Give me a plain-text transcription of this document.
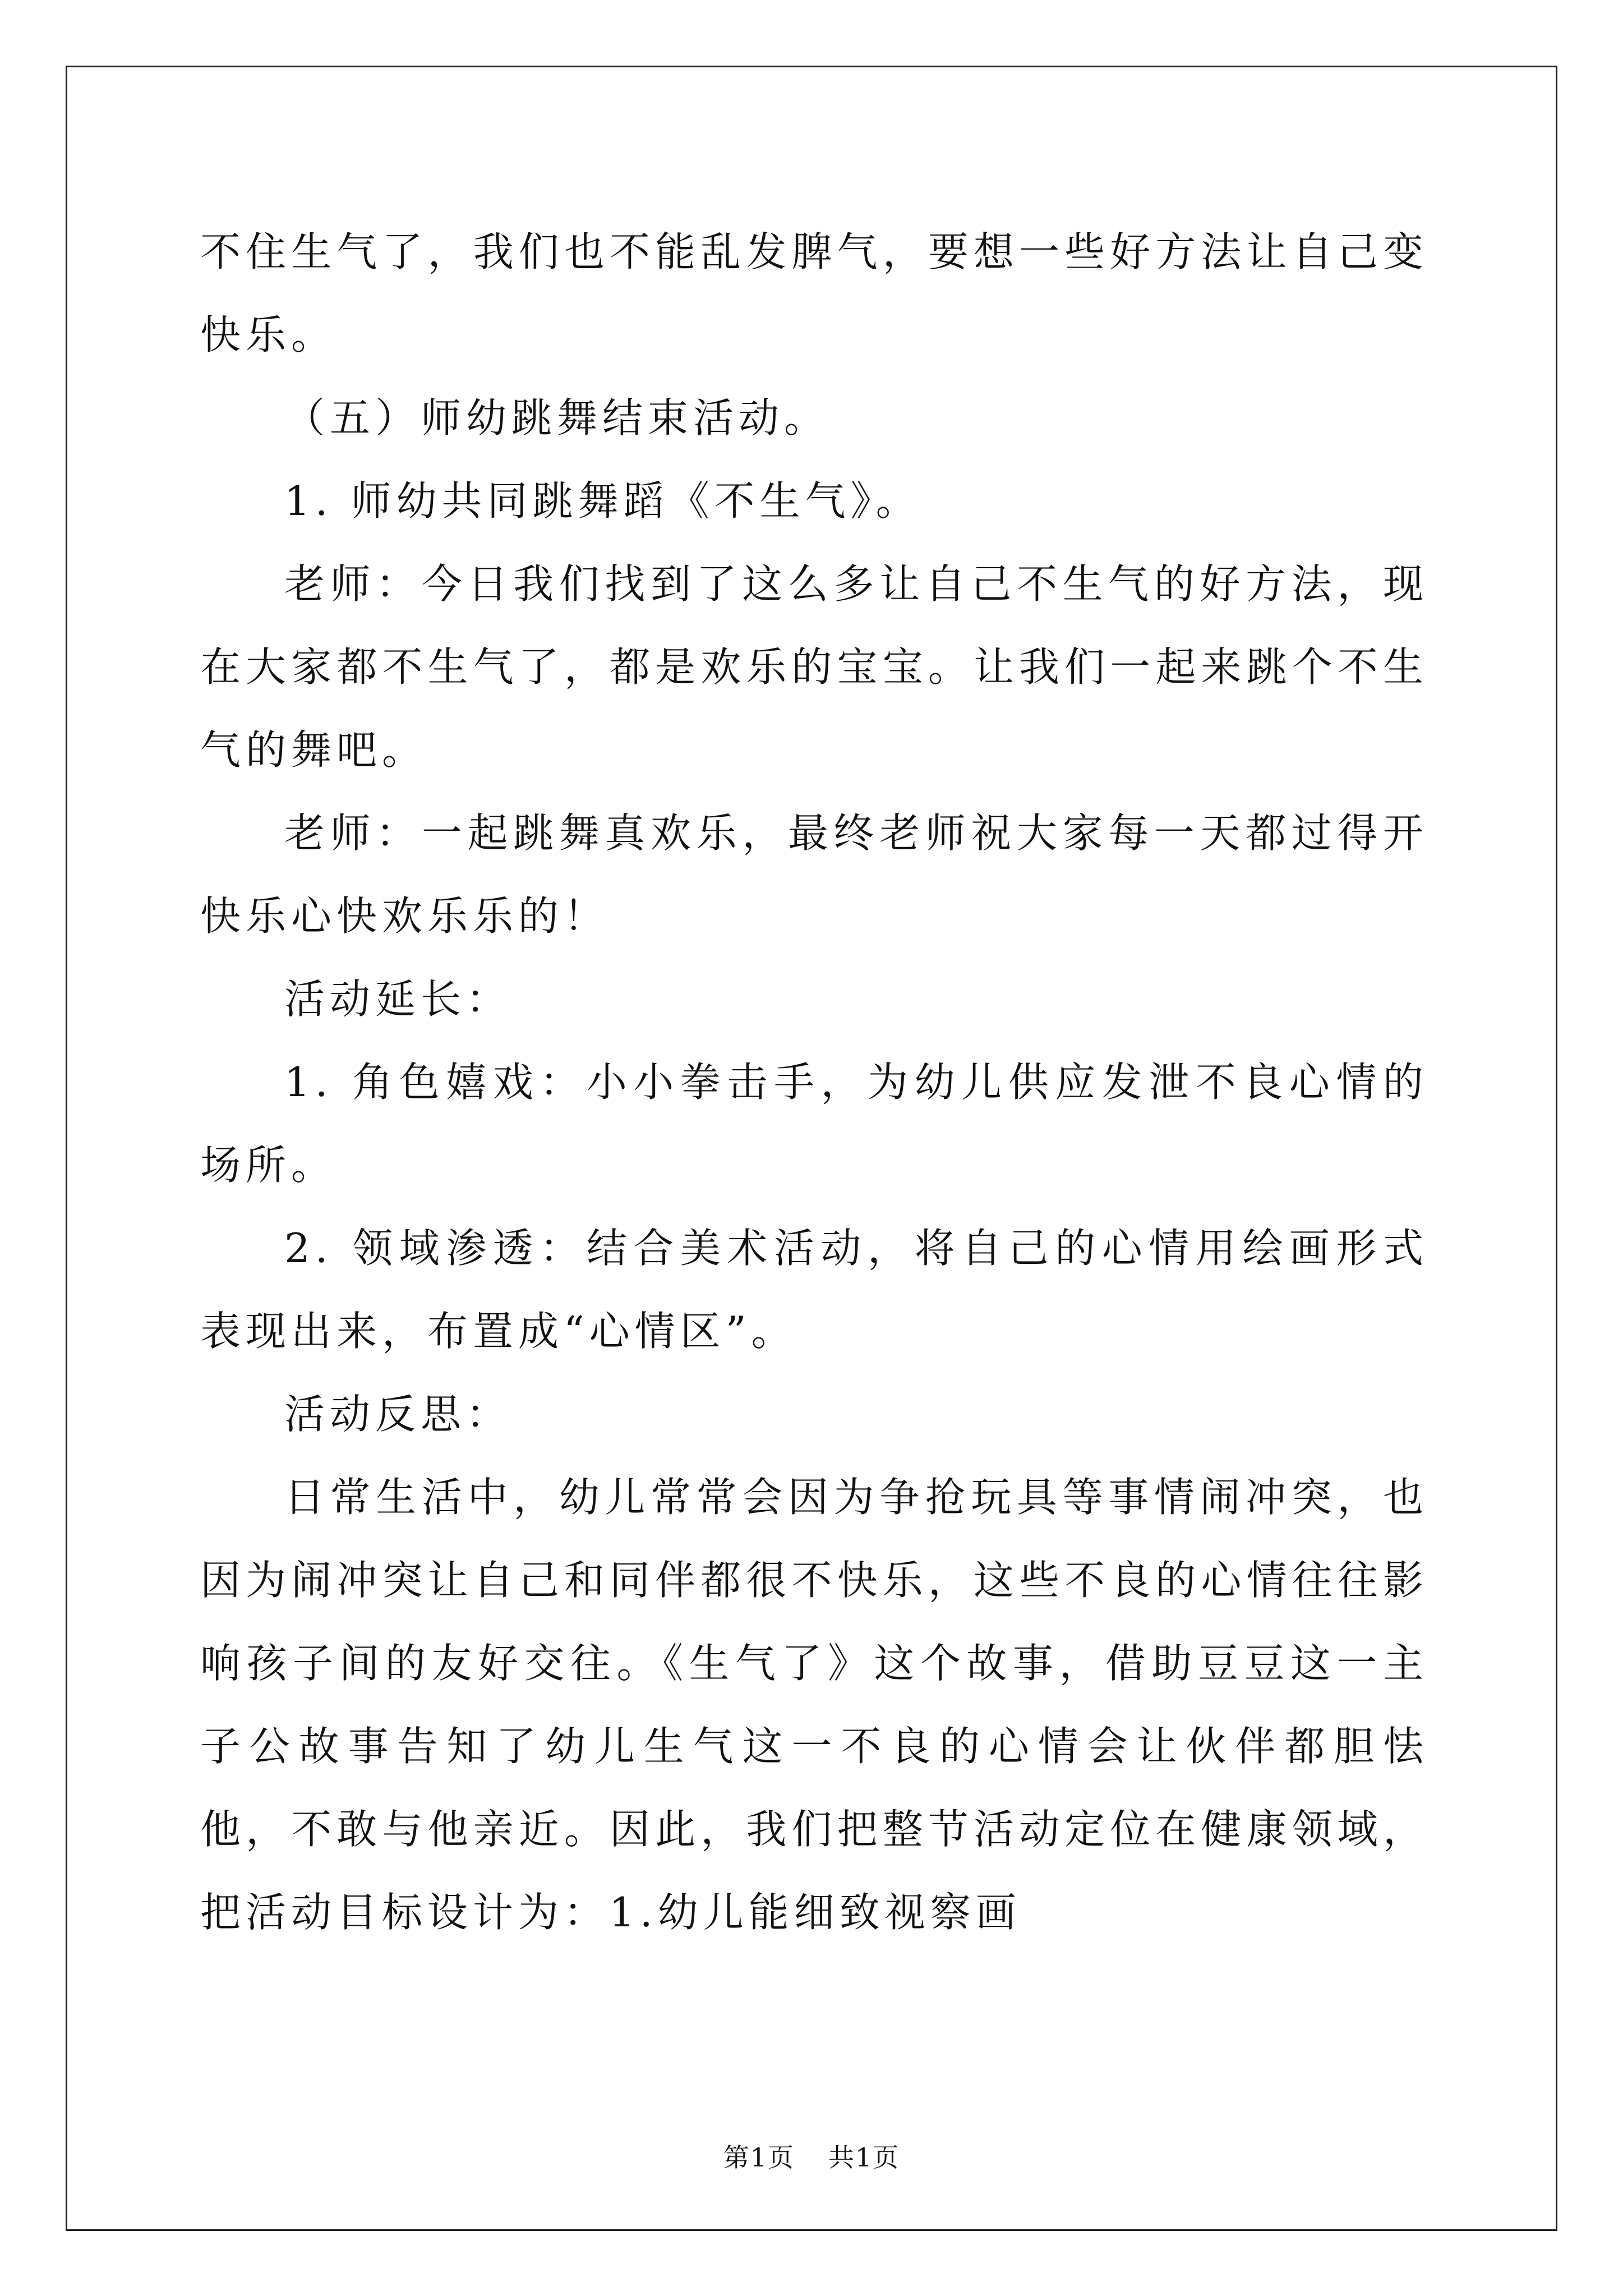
不住生气了，我们也不能乱发脾气，要想一些好方法让自己变快乐。

（五）师幼跳舞结束活动。

1. 师幼共同跳舞蹈《不生气》。

老师：今日我们找到了这么多让自己不生气的好方法，现在大家都不生气了，都是欢乐的宝宝。让我们一起来跳个不生气的舞吧。

老师：一起跳舞真欢乐，最终老师祝大家每一天都过得开快乐心快欢乐乐的！

活动延长：

1. 角色嬉戏：小小拳击手，为幼儿供应发泄不良心情的场所。

2. 领域渗透：结合美术活动，将自己的心情用绘画形式表现出来，布置成“心情区”。

活动反思：

日常生活中，幼儿常常会因为争抢玩具等事情闹冲突，也因为闹冲突让自己和同伴都很不快乐，这些不良的心情往往影响孩子间的友好交往。《生气了》这个故事，借助豆豆这一主子公故事告知了幼儿生气这一不良的心情会让伙伴都胆怯 他，不敢与他亲近。因此，我们把整节活动定位在健康领域，把活动目标设计为：1.幼儿能细致视察画

第1页 共1页
